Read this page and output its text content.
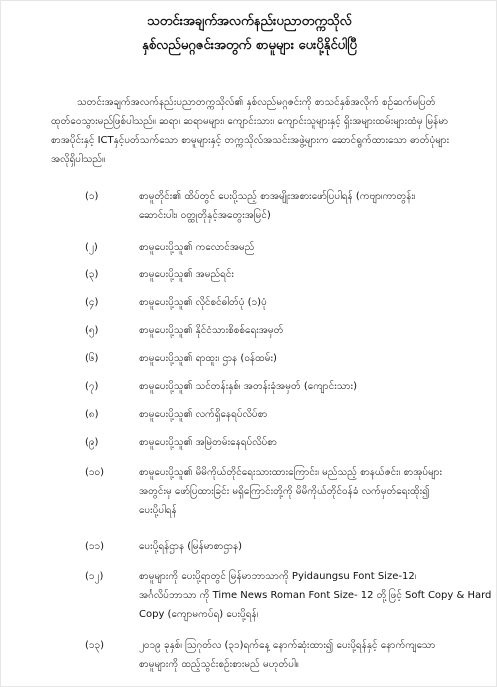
သတင်းအချက်အလက်နည်းပညာတက္ကသိုလ်
နှစ်လည်မဂ္ဂဇင်းအတွက် စာမူများ ပေးပို့နိုင်ပါပြီ
သတင်းအချက်အလက်နည်းပညာတက္ကသိုလ်၏ နှစ်လည်မဂ္ဂဇင်းကို စာသင်နှစ်အလိုက် စဉ်ဆက်မပြတ် ထုတ်ဝေသွားမည်ဖြစ်ပါသည်။ ဆရာ၊ ဆရာမများ၊ ကျောင်းသား၊ ကျောင်းသူများနှင့် ရှိးအများထမ်းများထံမှ မြန်မာစာအပိုင်းနှင့် ICTနှင့်ပတ်သက်သော စာမူများနှင့် တက္ကသိုလ်အသင်းအဖွဲ့များက ဆောင်ရွက်ထားသော ဓာတ်ပုံများ အလိုရှိပါသည်။
(၁)	စာမူတိုင်း၏ ထိပ်တွင် ပေးပို့သည့် စာအမျိုးအစားဖော်ပြပါရန် (ကဗျာ၊ကာတွန်း၊
ဆောင်းပါး၊ ဝတ္ထုတိုနှင့်အတွေးအမြင်)
(၂)	စာမူပေးပို့သူ၏ ကလောင်အမည်
(၃)	စာမူပေးပို့သူ၏ အမည်ရင်း
(၄)	စာမူပေးပို့သူ၏ လိုင်စင်ဓါတ်ပုံ (၁)ပုံ
(၅)	စာမူပေးပို့သူ၏ နိုင်ငံသားစိစစ်ရေးအမှတ်
(၆)	စာမူပေးပို့သူ၏ ရာထူး၊ ဌာန (ဝန်ထမ်း)
(၇)	စာမူပေးပို့သူ၏ သင်တန်းနှစ်၊ အတန်းခုံအမှတ် (ကျောင်းသား)
(၈)	စာမူပေးပို့သူ၏ လက်ရှိနေရပ်လိပ်စာ
(၉)	စာမူပေးပို့သူ၏ အမြဲတမ်းနေရပ်လိပ်စာ
(၁၀)	စာမူပေးပို့သူ၏ မိမိကိုယ်တိုင်ရေးသားထားကြောင်း၊ မည်သည့် စာနယ်ဇင်း၊ စာအုပ်များ
အတွင်းမှ ဖော်ပြထားခြင်း မရှိကြောင်းတို့ကို မိမိကိုယ်တိုင်ဝန်ခံ လက်မှတ်ရေးထိုး၍
ပေးပို့ပါရန်
(၁၁)	ပေးပို့ရန်ဌာန (မြန်မာစာဌာန)
(၁၂)	စာမူများကို ပေးပို့ရာတွင် မြန်မာဘာသာကို Pyidaungsu Font Size-12၊
အင်္ဂလိပ်ဘာသာ ကို Time News Roman Font Size- 12 တို့ဖြင့် Soft Copy & Hard
Copy (ကျောမကပ်ရ) ပေးပို့ရန်၊
(၁၃)	၂၀၁၉ ခုနှစ်၊ ဩဂုတ်လ (၃၁)ရက်နေ့ နောက်ဆုံးထား၍ ပေးပို့ရန်နှင့် နောက်ကျသော
စာမူများကို ထည့်သွင်းစဉ်းစားမည် မဟုတ်ပါ။
